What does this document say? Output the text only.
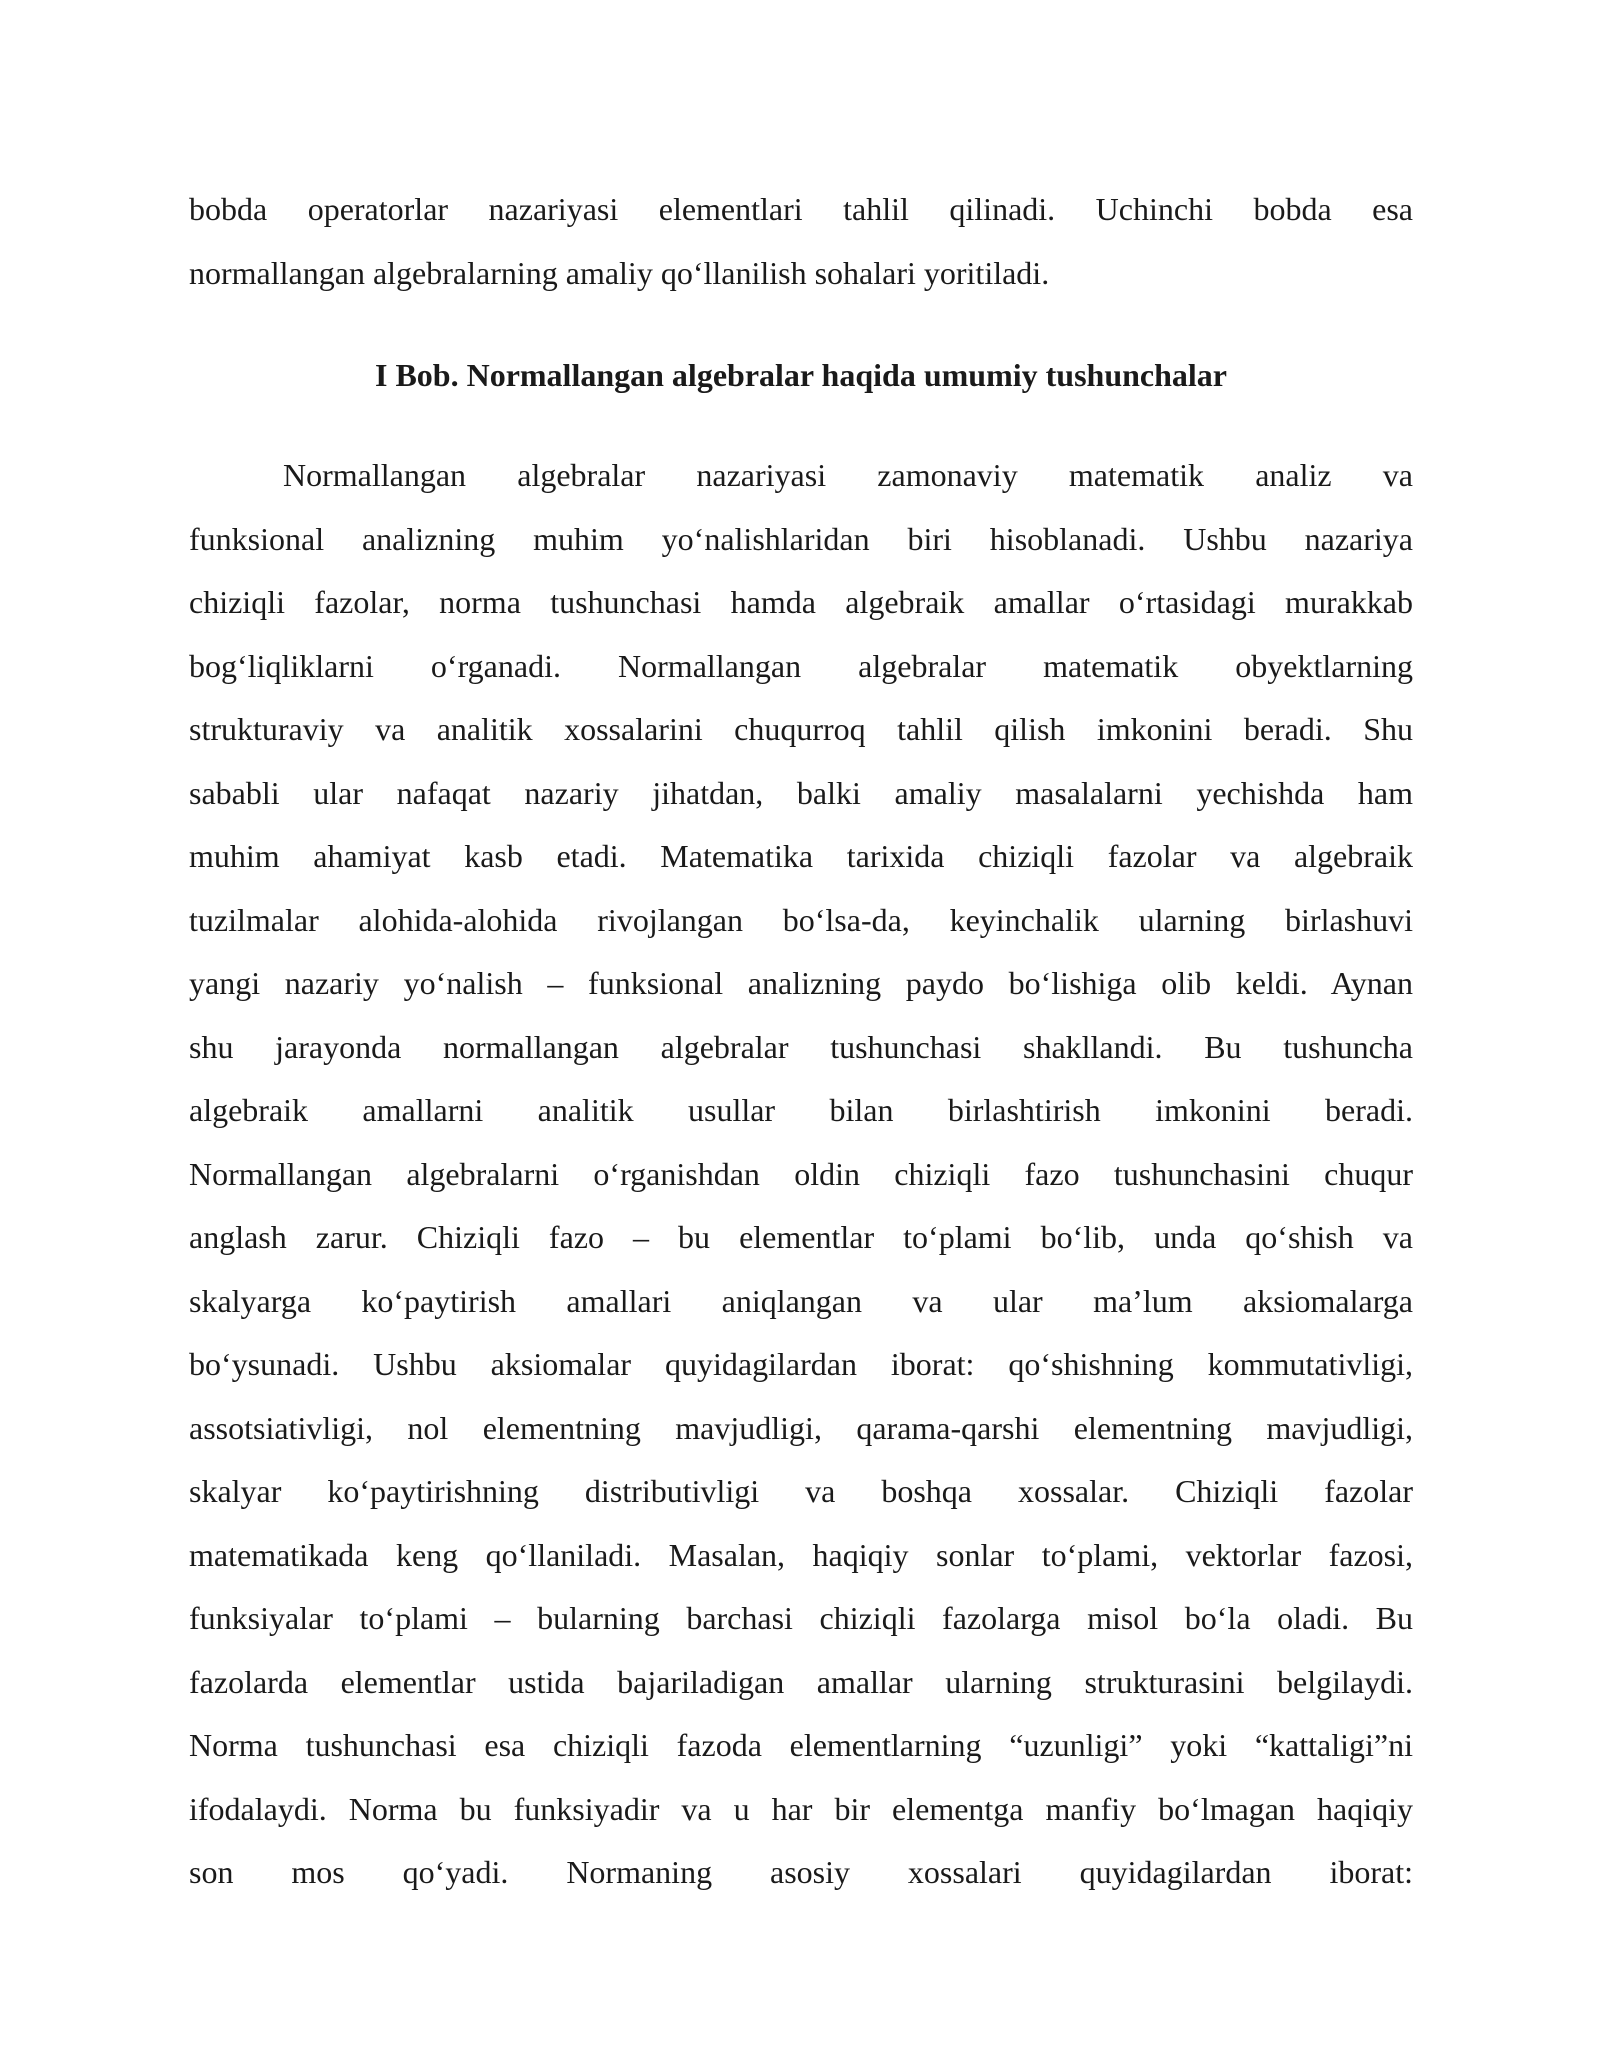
bobda operatorlar nazariyasi elementlari tahlil qilinadi. Uchinchi bobda esa
normallangan algebralarning amaliy qo‘llanilish sohalari yoritiladi.
I Bob. Normallangan algebralar haqida umumiy tushunchalar
Normallangan algebralar nazariyasi zamonaviy matematik analiz va
funksional analizning muhim yo‘nalishlaridan biri hisoblanadi. Ushbu nazariya
chiziqli fazolar, norma tushunchasi hamda algebraik amallar o‘rtasidagi murakkab
bog‘liqliklarni o‘rganadi. Normallangan algebralar matematik obyektlarning
strukturaviy va analitik xossalarini chuqurroq tahlil qilish imkonini beradi. Shu
sababli ular nafaqat nazariy jihatdan, balki amaliy masalalarni yechishda ham
muhim ahamiyat kasb etadi. Matematika tarixida chiziqli fazolar va algebraik
tuzilmalar alohida-alohida rivojlangan bo‘lsa-da, keyinchalik ularning birlashuvi
yangi nazariy yo‘nalish – funksional analizning paydo bo‘lishiga olib keldi. Aynan
shu jarayonda normallangan algebralar tushunchasi shakllandi. Bu tushuncha
algebraik amallarni analitik usullar bilan birlashtirish imkonini beradi.
Normallangan algebralarni o‘rganishdan oldin chiziqli fazo tushunchasini chuqur
anglash zarur. Chiziqli fazo – bu elementlar to‘plami bo‘lib, unda qo‘shish va
skalyarga ko‘paytirish amallari aniqlangan va ular ma’lum aksiomalarga
bo‘ysunadi. Ushbu aksiomalar quyidagilardan iborat: qo‘shishning kommutativligi,
assotsiativligi, nol elementning mavjudligi, qarama-qarshi elementning mavjudligi,
skalyar ko‘paytirishning distributivligi va boshqa xossalar. Chiziqli fazolar
matematikada keng qo‘llaniladi. Masalan, haqiqiy sonlar to‘plami, vektorlar fazosi,
funksiyalar to‘plami – bularning barchasi chiziqli fazolarga misol bo‘la oladi. Bu
fazolarda elementlar ustida bajariladigan amallar ularning strukturasini belgilaydi.
Norma tushunchasi esa chiziqli fazoda elementlarning “uzunligi” yoki “kattaligi”ni
ifodalaydi. Norma bu funksiyadir va u har bir elementga manfiy bo‘lmagan haqiqiy
son mos qo‘yadi. Normaning asosiy xossalari quyidagilardan iborat:
